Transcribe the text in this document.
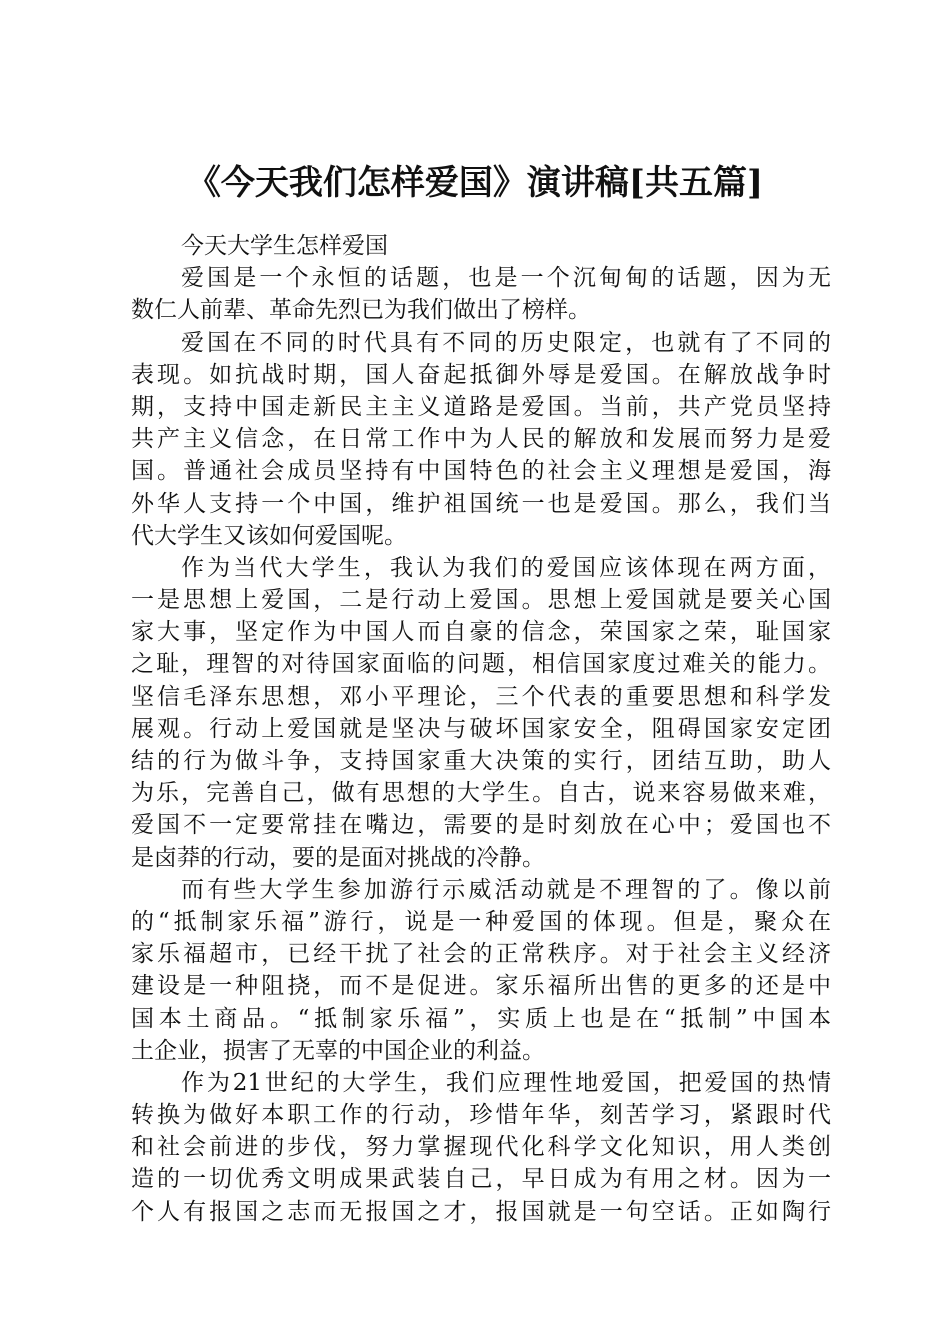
《今天我们怎样爱国》演讲稿[共五篇]
今天大学生怎样爱国
爱国是一个永恒的话题，也是一个沉甸甸的话题，因为无
数仁人前辈、革命先烈已为我们做出了榜样。
爱国在不同的时代具有不同的历史限定，也就有了不同的
表现。如抗战时期，国人奋起抵御外辱是爱国。在解放战争时
期，支持中国走新民主主义道路是爱国。当前，共产党员坚持
共产主义信念，在日常工作中为人民的解放和发展而努力是爱
国。普通社会成员坚持有中国特色的社会主义理想是爱国，海
外华人支持一个中国，维护祖国统一也是爱国。那么，我们当
代大学生又该如何爱国呢。
作为当代大学生，我认为我们的爱国应该体现在两方面，
一是思想上爱国，二是行动上爱国。思想上爱国就是要关心国
家大事，坚定作为中国人而自豪的信念，荣国家之荣，耻国家
之耻，理智的对待国家面临的问题，相信国家度过难关的能力。
坚信毛泽东思想，邓小平理论，三个代表的重要思想和科学发
展观。行动上爱国就是坚决与破坏国家安全，阻碍国家安定团
结的行为做斗争，支持国家重大决策的实行，团结互助，助人
为乐，完善自己，做有思想的大学生。自古，说来容易做来难，
爱国不一定要常挂在嘴边，需要的是时刻放在心中；爱国也不
是卤莽的行动，要的是面对挑战的冷静。
而有些大学生参加游行示威活动就是不理智的了。像以前
的“抵制家乐福”游行，说是一种爱国的体现。但是，聚众在
家乐福超市，已经干扰了社会的正常秩序。对于社会主义经济
建设是一种阻挠，而不是促进。家乐福所出售的更多的还是中
国本土商品。“抵制家乐福”，实质上也是在“抵制”中国本
土企业，损害了无辜的中国企业的利益。
作为21世纪的大学生，我们应理性地爱国，把爱国的热情
转换为做好本职工作的行动，珍惜年华，刻苦学习，紧跟时代
和社会前进的步伐，努力掌握现代化科学文化知识，用人类创
造的一切优秀文明成果武装自己，早日成为有用之材。因为一
个人有报国之志而无报国之才，报国就是一句空话。正如陶行
